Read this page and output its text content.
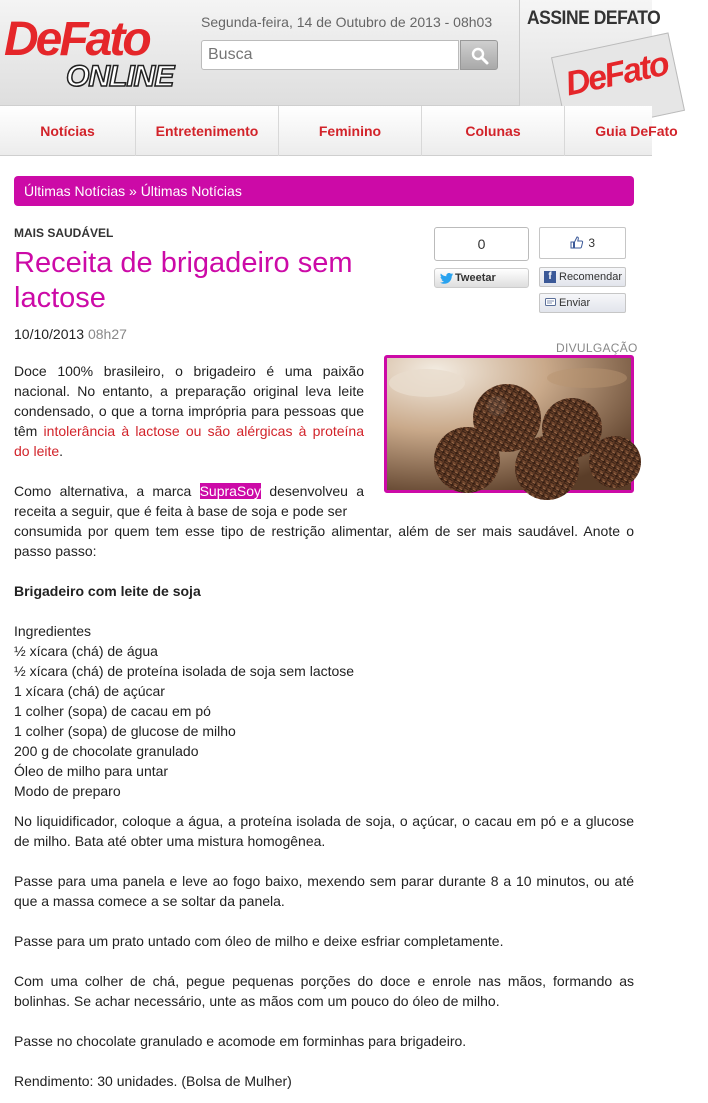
DeFato
ONLINE
Segunda-feira, 14 de Outubro de 2013 - 08h03
Busca ASSINE DEFATO
DeFato
Notícias	Entretenimento	Feminino	Colunas	Guia DeFato
Últimas Notícias » Últimas Notícias
MAIS SAUDÁVEL
Receita de brigadeiro sem lactose
10/10/2013 08h27
0
Tweetar
3
f Recomendar
Enviar
DIVULGAÇÃO
Doce 100% brasileiro, o brigadeiro é uma paixão nacional. No entanto, a preparação original leva leite condensado, o que a torna imprópria para pessoas que têm intolerância à lactose ou são alérgicas à proteína do leite.
Como alternativa, a marca SupraSoy desenvolveu a receita a seguir, que é feita à base de soja e pode ser
consumida por quem tem esse tipo de restrição alimentar, além de ser mais saudável. Anote o passo passo:
Brigadeiro com leite de soja
Ingredientes
½ xícara (chá) de água
½ xícara (chá) de proteína isolada de soja sem lactose
1 xícara (chá) de açúcar
1 colher (sopa) de cacau em pó
1 colher (sopa) de glucose de milho
200 g de chocolate granulado
Óleo de milho para untar
Modo de preparo
No liquidificador, coloque a água, a proteína isolada de soja, o açúcar, o cacau em pó e a glucose de milho. Bata até obter uma mistura homogênea.
Passe para uma panela e leve ao fogo baixo, mexendo sem parar durante 8 a 10 minutos, ou até que a massa comece a se soltar da panela.
Passe para um prato untado com óleo de milho e deixe esfriar completamente.
Com uma colher de chá, pegue pequenas porções do doce e enrole nas mãos, formando as bolinhas. Se achar necessário, unte as mãos com um pouco do óleo de milho.
Passe no chocolate granulado e acomode em forminhas para brigadeiro.
Rendimento: 30 unidades. (Bolsa de Mulher)
